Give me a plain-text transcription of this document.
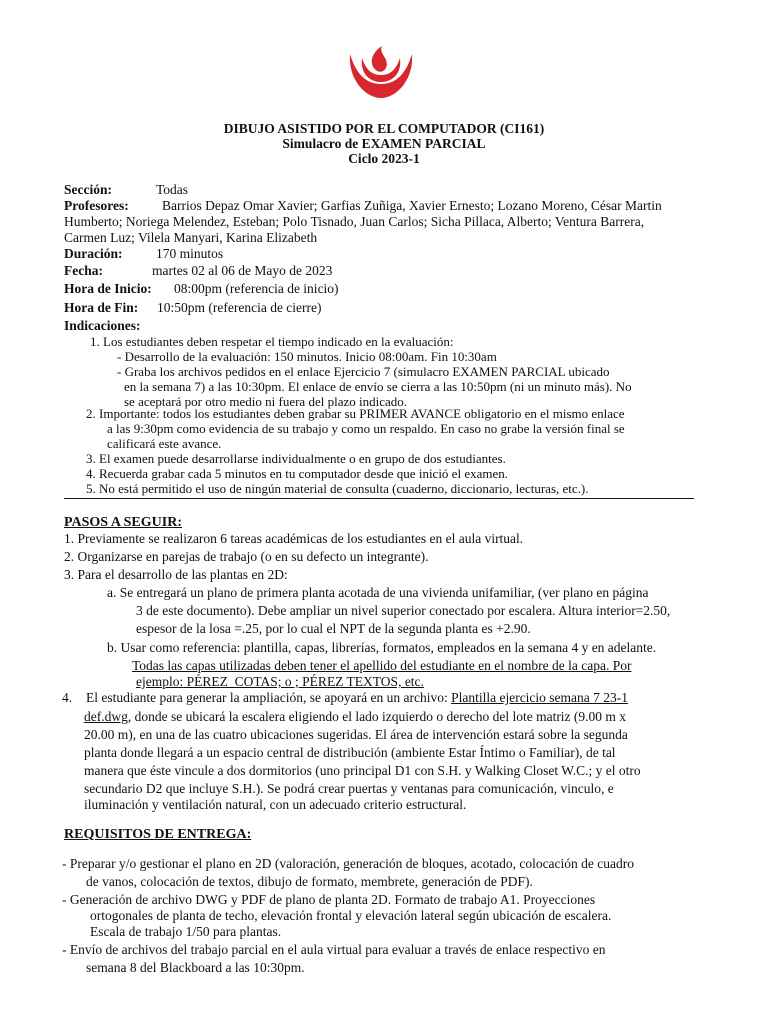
DIBUJO ASISTIDO POR EL COMPUTADOR (CI161)
Simulacro de EXAMEN PARCIAL
Ciclo 2023-1
Sección:	Todas
Profesores: Barrios Depaz Omar Xavier; Garfias Zuñiga, Xavier Ernesto; Lozano Moreno, César Martin
Humberto; Noriega Melendez, Esteban; Polo Tisnado, Juan Carlos; Sicha Pillaca, Alberto; Ventura Barrera,
Carmen Luz; Vilela Manyari, Karina Elizabeth
Duración: 170 minutos
Fecha:	martes 02 al 06 de Mayo de 2023
Hora de Inicio: 08:00pm (referencia de inicio)
Hora de Fin: 10:50pm (referencia de cierre)
Indicaciones:
1. Los estudiantes deben respetar el tiempo indicado en la evaluación:
- Desarrollo de la evaluación: 150 minutos. Inicio 08:00am. Fin 10:30am
- Graba los archivos pedidos en el enlace Ejercicio 7 (simulacro EXAMEN PARCIAL ubicado
en la semana 7) a las 10:30pm. El enlace de envío se cierra a las 10:50pm (ni un minuto más). No
se aceptará por otro medio ni fuera del plazo indicado.
2. Importante: todos los estudiantes deben grabar su PRIMER AVANCE obligatorio en el mismo enlace
a las 9:30pm como evidencia de su trabajo y como un respaldo. En caso no grabe la versión final se
calificará este avance.
3. El examen puede desarrollarse individualmente o en grupo de dos estudiantes.
4. Recuerda grabar cada 5 minutos en tu computador desde que inició el examen.
5. No está permitido el uso de ningún material de consulta (cuaderno, diccionario, lecturas, etc.).
PASOS A SEGUIR:
1. Previamente se realizaron 6 tareas académicas de los estudiantes en el aula virtual.
2. Organizarse en parejas de trabajo (o en su defecto un integrante).
3. Para el desarrollo de las plantas en 2D:
a. Se entregará un plano de primera planta acotada de una vivienda unifamiliar, (ver plano en página
3 de este documento). Debe ampliar un nivel superior conectado por escalera. Altura interior=2.50,
espesor de la losa =.25, por lo cual el NPT de la segunda planta es +2.90.
b. Usar como referencia: plantilla, capas, librerías, formatos, empleados en la semana 4 y en adelante.
Todas las capas utilizadas deben tener el apellido del estudiante en el nombre de la capa. Por
ejemplo: PÉREZ_COTAS; o ; PÉREZ TEXTOS, etc.
4. El estudiante para generar la ampliación, se apoyará en un archivo: Plantilla ejercicio semana 7 23-1
def.dwg, donde se ubicará la escalera eligiendo el lado izquierdo o derecho del lote matriz (9.00 m x
20.00 m), en una de las cuatro ubicaciones sugeridas. El área de intervención estará sobre la segunda
planta donde llegará a un espacio central de distribución (ambiente Estar Íntimo o Familiar), de tal
manera que éste vincule a dos dormitorios (uno principal D1 con S.H. y Walking Closet W.C.; y el otro
secundario D2 que incluye S.H.). Se podrá crear puertas y ventanas para comunicación, vinculo, e
iluminación y ventilación natural, con un adecuado criterio estructural.
REQUISITOS DE ENTREGA:
- Preparar y/o gestionar el plano en 2D (valoración, generación de bloques, acotado, colocación de cuadro
de vanos, colocación de textos, dibujo de formato, membrete, generación de PDF).
- Generación de archivo DWG y PDF de plano de planta 2D. Formato de trabajo A1. Proyecciones
ortogonales de planta de techo, elevación frontal y elevación lateral según ubicación de escalera.
Escala de trabajo 1/50 para plantas.
- Envío de archivos del trabajo parcial en el aula virtual para evaluar a través de enlace respectivo en
semana 8 del Blackboard a las 10:30pm.
